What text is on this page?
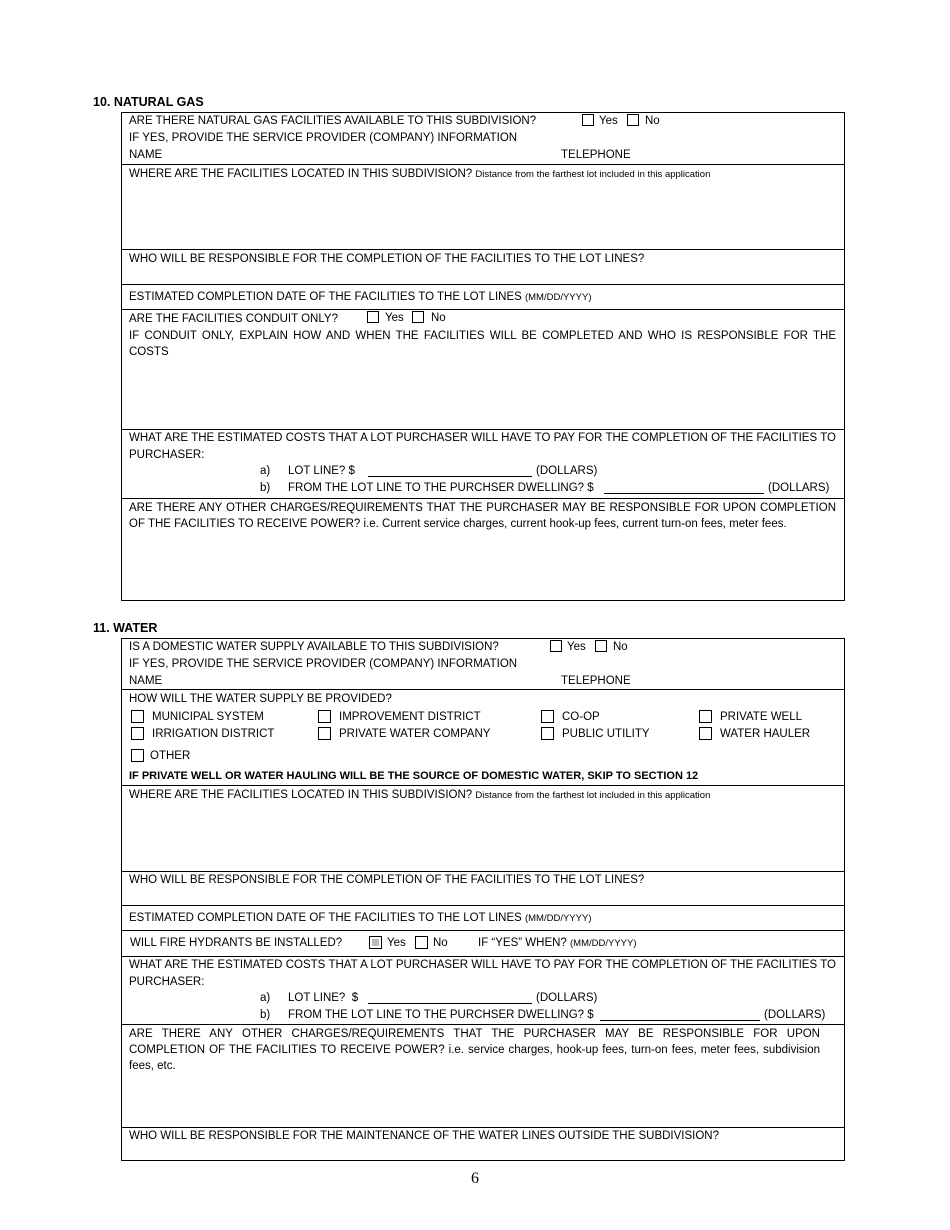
10. NATURAL GAS
ARE THERE NATURAL GAS FACILITIES AVAILABLE TO THIS SUBDIVISION?	Yes No
IF YES, PROVIDE THE SERVICE PROVIDER (COMPANY) INFORMATION
NAME	TELEPHONE
WHERE ARE THE FACILITIES LOCATED IN THIS SUBDIVISION? Distance from the farthest lot included in this application
WHO WILL BE RESPONSIBLE FOR THE COMPLETION OF THE FACILITIES TO THE LOT LINES?
ESTIMATED COMPLETION DATE OF THE FACILITIES TO THE LOT LINES (MM/DD/YYYY)
ARE THE FACILITIES CONDUIT ONLY?	Yes No
IF CONDUIT ONLY, EXPLAIN HOW AND WHEN THE FACILITIES WILL BE COMPLETED AND WHO IS RESPONSIBLE FOR THE COSTS
WHAT ARE THE ESTIMATED COSTS THAT A LOT PURCHASER WILL HAVE TO PAY FOR THE COMPLETION OF THE FACILITIES TO PURCHASER:
a) LOT LINE? $	(DOLLARS)
b) FROM THE LOT LINE TO THE PURCHSER DWELLING? $	(DOLLARS)
ARE THERE ANY OTHER CHARGES/REQUIREMENTS THAT THE PURCHASER MAY BE RESPONSIBLE FOR UPON COMPLETION OF THE FACILITIES TO RECEIVE POWER? i.e. Current service charges, current hook-up fees, current turn-on fees, meter fees.
11. WATER
IS A DOMESTIC WATER SUPPLY AVAILABLE TO THIS SUBDIVISION?	Yes No
IF YES, PROVIDE THE SERVICE PROVIDER (COMPANY) INFORMATION
NAME	TELEPHONE
HOW WILL THE WATER SUPPLY BE PROVIDED?
MUNICIPAL SYSTEM	IMPROVEMENT DISTRICT	CO-OP	PRIVATE WELL
IRRIGATION DISTRICT	PRIVATE WATER COMPANY	PUBLIC UTILITY	WATER HAULER
OTHER
IF PRIVATE WELL OR WATER HAULING WILL BE THE SOURCE OF DOMESTIC WATER, SKIP TO SECTION 12
WHERE ARE THE FACILITIES LOCATED IN THIS SUBDIVISION? Distance from the farthest lot included in this application
WHO WILL BE RESPONSIBLE FOR THE COMPLETION OF THE FACILITIES TO THE LOT LINES?
ESTIMATED COMPLETION DATE OF THE FACILITIES TO THE LOT LINES (MM/DD/YYYY)
WILL FIRE HYDRANTS BE INSTALLED?	Yes No	IF “YES” WHEN? (MM/DD/YYYY)
WHAT ARE THE ESTIMATED COSTS THAT A LOT PURCHASER WILL HAVE TO PAY FOR THE COMPLETION OF THE FACILITIES TO PURCHASER:
a) LOT LINE?  $	(DOLLARS)
b) FROM THE LOT LINE TO THE PURCHSER DWELLING? $	(DOLLARS)
ARE THERE ANY OTHER CHARGES/REQUIREMENTS THAT THE PURCHASER MAY BE RESPONSIBLE FOR UPON COMPLETION OF THE FACILITIES TO RECEIVE POWER? i.e. service charges, hook-up fees, turn-on fees, meter fees, subdivision fees, etc.
WHO WILL BE RESPONSIBLE FOR THE MAINTENANCE OF THE WATER LINES OUTSIDE THE SUBDIVISION?
6
